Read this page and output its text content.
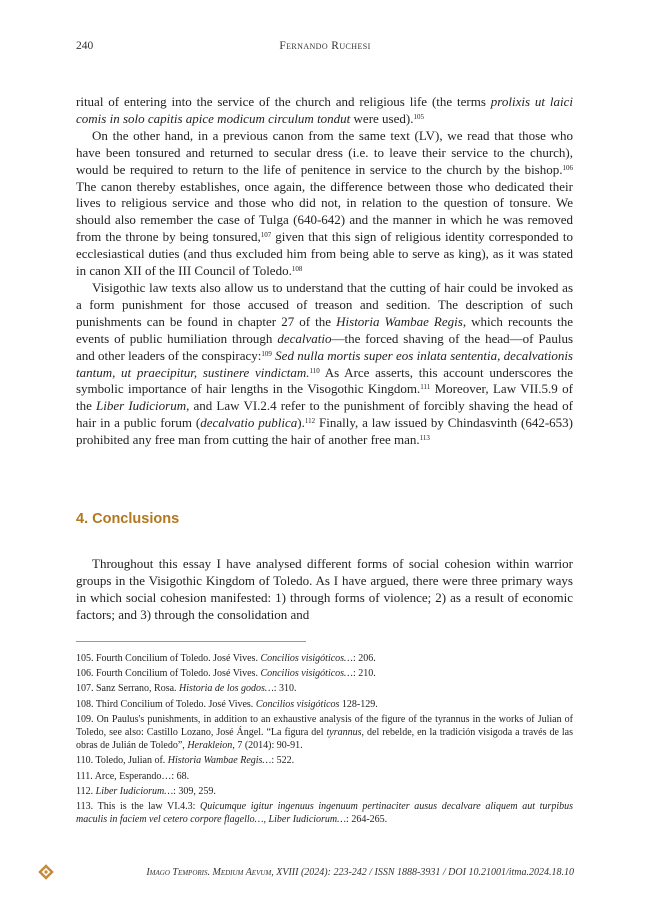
240	Fernando Ruchesi

ritual of entering into the service of the church and religious life (the terms prolixis ut laici comis in solo capitis apice modicum circulum tondut were used).$^{105}$

On the other hand, in a previous canon from the same text (LV), we read that those who have been tonsured and returned to secular dress (i.e. to leave their service to the church), would be required to return to the life of penitence in service to the church by the bishop.$^{106}$ The canon thereby establishes, once again, the difference between those who dedicated their lives to religious service and those who did not, in relation to the question of tonsure. We should also remember the case of Tulga (640-642) and the manner in which he was removed from the throne by being tonsured,$^{107}$ given that this sign of religious identity corresponded to ecclesiastical duties (and thus excluded him from being able to serve as king), as it was stated in canon XII of the III Council of Toledo.$^{108}$

Visigothic law texts also allow us to understand that the cutting of hair could be invoked as a form punishment for those accused of treason and sedition. The description of such punishments can be found in chapter 27 of the Historia Wambae Regis, which recounts the events of public humiliation through decalvatio—the forced shaving of the head—of Paulus and other leaders of the conspiracy:$^{109}$ Sed nulla mortis super eos inlata sententia, decalvationis tantum, ut praecipitur, sustinere vindictam.$^{110}$ As Arce asserts, this account underscores the symbolic importance of hair lengths in the Visogothic Kingdom.$^{111}$ Moreover, Law VII.5.9 of the Liber Iudiciorum, and Law VI.2.4 refer to the punishment of forcibly shaving the head of hair in a public forum (decalvatio publica).$^{112}$ Finally, a law issued by Chindasvinth (642-653) prohibited any free man from cutting the hair of another free man.$^{113}$

4. Conclusions

Throughout this essay I have analysed different forms of social cohesion within warrior groups in the Visigothic Kingdom of Toledo. As I have argued, there were three primary ways in which social cohesion manifested: 1) through forms of violence; 2) as a result of economic factors; and 3) through the consolidation and

105. Fourth Concilium of Toledo. José Vives. Concilios visigóticos…: 206.

106. Fourth Concilium of Toledo. José Vives. Concilios visigóticos…: 210.

107. Sanz Serrano, Rosa. Historia de los godos…: 310.

108. Third Concilium of Toledo. José Vives. Concilios visigóticos 128-129.

109. On Paulus's punishments, in addition to an exhaustive analysis of the figure of the tyrannus in the works of Julian of Toledo, see also: Castillo Lozano, José Ángel. “La figura del tyrannus, del rebelde, en la tradición visigoda a través de las obras de Julián de Toledo”, Herakleion, 7 (2014): 90-91.

110. Toledo, Julian of. Historia Wambae Regis…: 522.

111. Arce, Esperando…: 68.

112. Liber Iudiciorum…: 309, 259.

113. This is the law VI.4.3: Quicumque igitur ingenuus ingenuum pertinaciter ausus decalvare aliquem aut turpibus maculis in faciem vel cetero corpore flagello…, Liber Iudiciorum…: 264-265.

Imago Temporis. Medium Aevum, XVIII (2024): 223-242 / ISSN 1888-3931 / DOI 10.21001/itma.2024.18.10
